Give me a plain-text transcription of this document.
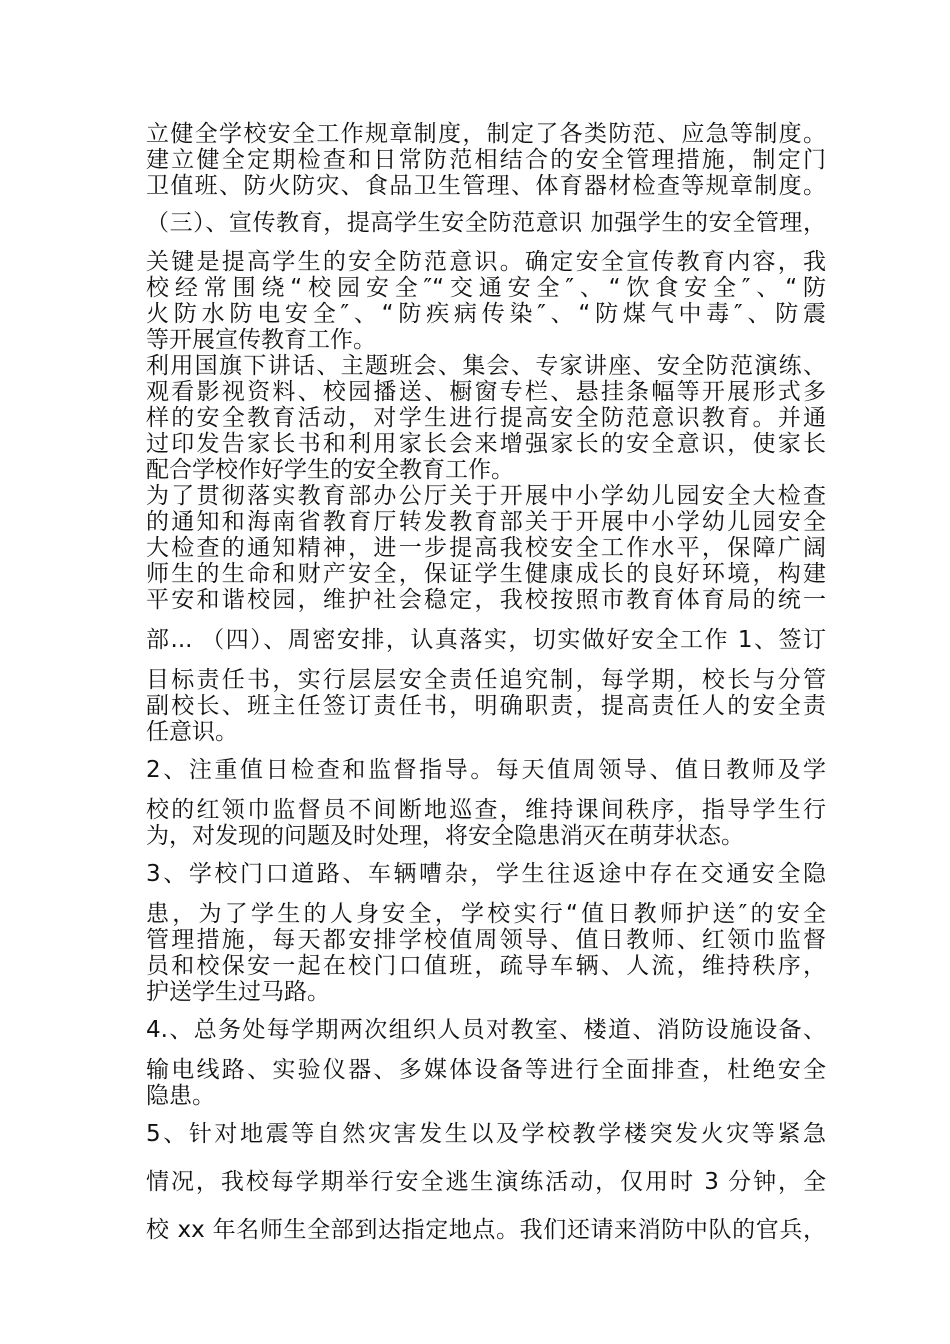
立健全学校安全工作规章制度，制定了各类防范、应急等制度。
建立健全定期检查和日常防范相结合的安全管理措施，制定门
卫值班、防火防灾、食品卫生管理、体育器材检查等规章制度。
（三）、宣传教育，提高学生安全防范意识 加强学生的安全管理，
关键是提高学生的安全防范意识。确定安全宣传教育内容，我
校经常围绕“校园安全″“交通安全″、“饮食安全″、“防
火防水防电安全″、“防疾病传染″、“防煤气中毒″、防震
等开展宣传教育工作。
利用国旗下讲话、主题班会、集会、专家讲座、安全防范演练、
观看影视资料、校园播送、橱窗专栏、悬挂条幅等开展形式多
样的安全教育活动，对学生进行提高安全防范意识教育。并通
过印发告家长书和利用家长会来增强家长的安全意识，使家长
配合学校作好学生的安全教育工作。
为了贯彻落实教育部办公厅关于开展中小学幼儿园安全大检查
的通知和海南省教育厅转发教育部关于开展中小学幼儿园安全
大检查的通知精神，进一步提高我校安全工作水平，保障广阔
师生的生命和财产安全，保证学生健康成长的良好环境，构建
平安和谐校园，维护社会稳定，我校按照市教育体育局的统一
部... （四）、周密安排，认真落实，切实做好安全工作 1、签订
目标责任书，实行层层安全责任追究制，每学期，校长与分管
副校长、班主任签订责任书，明确职责，提高责任人的安全责
任意识。
2、注重值日检查和监督指导。每天值周领导、值日教师及学
校的红领巾监督员不间断地巡查，维持课间秩序，指导学生行
为，对发现的问题及时处理，将安全隐患消灭在萌芽状态。
3、学校门口道路、车辆嘈杂，学生往返途中存在交通安全隐
患，为了学生的人身安全，学校实行“值日教师护送″的安全
管理措施，每天都安排学校值周领导、值日教师、红领巾监督
员和校保安一起在校门口值班，疏导车辆、人流，维持秩序，
护送学生过马路。
4.、总务处每学期两次组织人员对教室、楼道、消防设施设备、
输电线路、实验仪器、多媒体设备等进行全面排查，杜绝安全
隐患。
5、针对地震等自然灾害发生以及学校教学楼突发火灾等紧急
情况，我校每学期举行安全逃生演练活动，仅用时 3 分钟，全
校 xx 年名师生全部到达指定地点。我们还请来消防中队的官兵，
